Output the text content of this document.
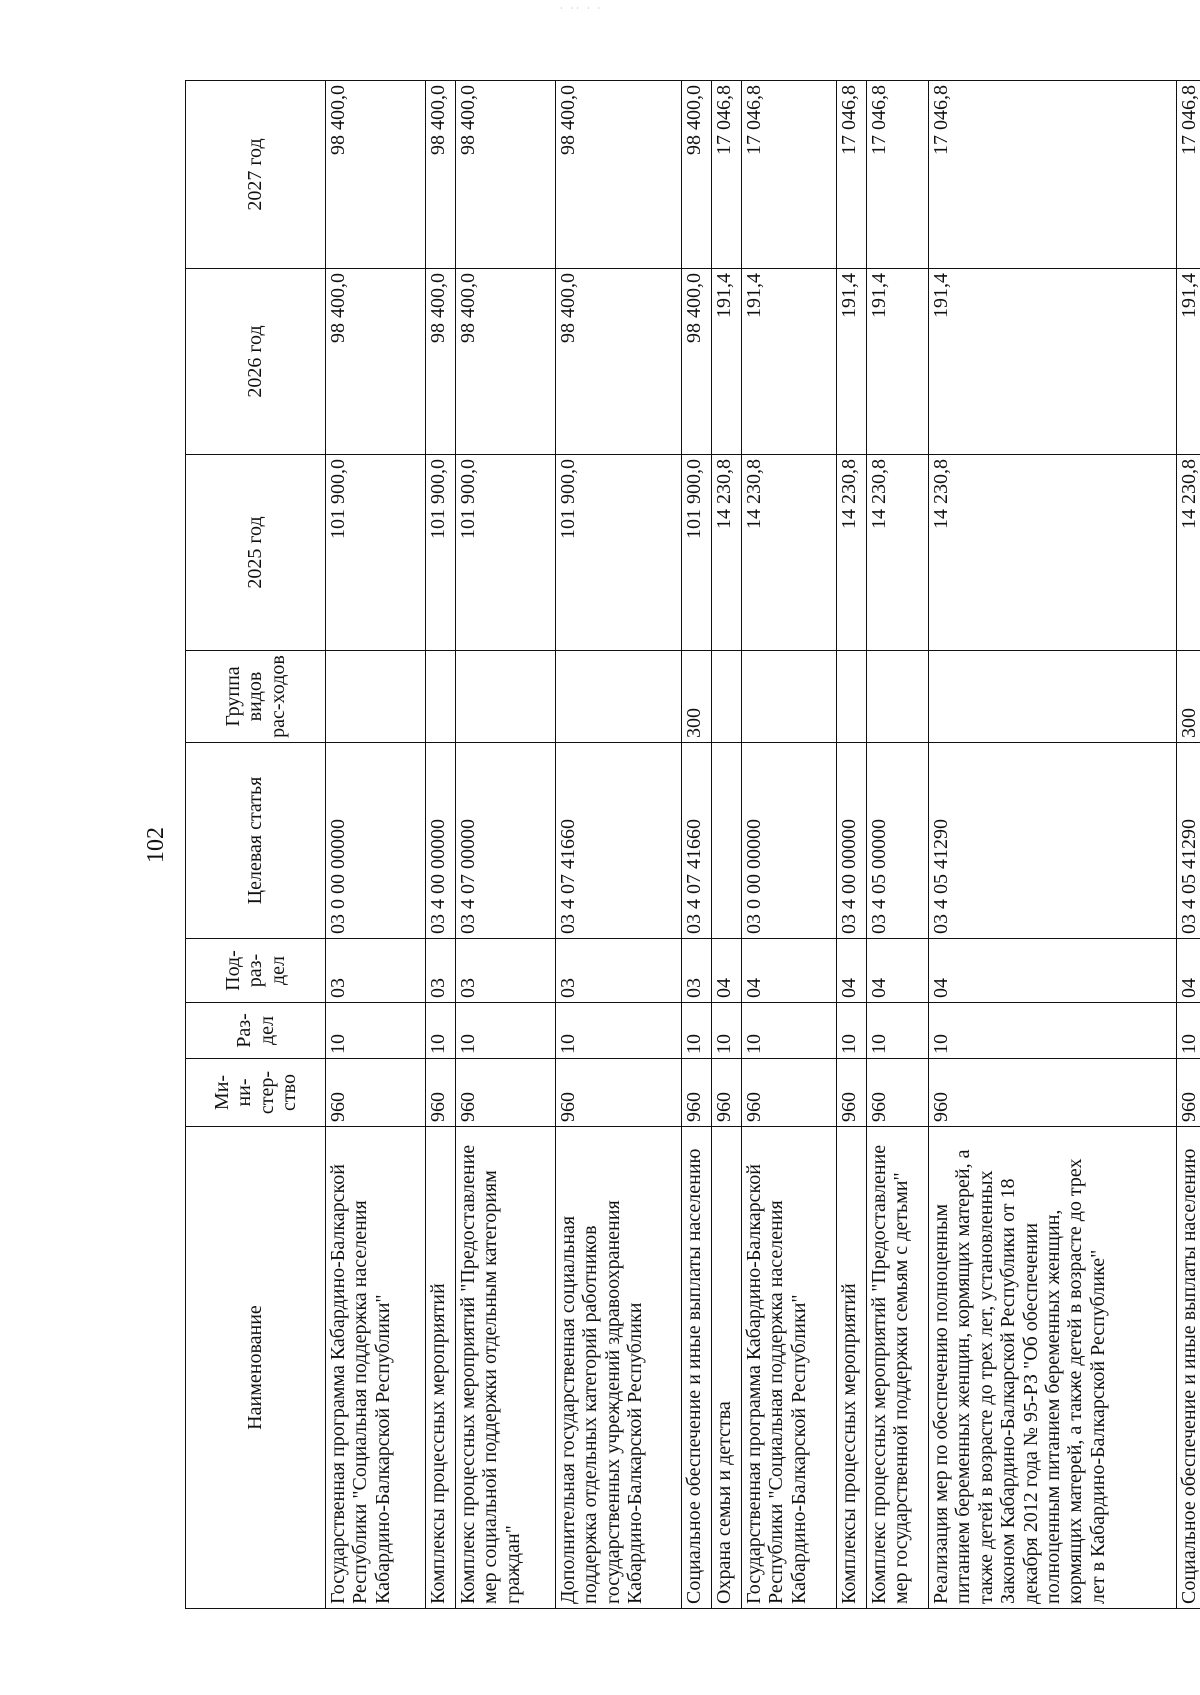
· ·· · ·
102
Наименование	Ми-ни-стер-ство	Раз-дел	Под-раз-дел	Целевая статья	Группа видов рас-ходов	2025 год	2026 год	2027 год
Государственная программа Кабардино-Балкарской Республики "Социальная поддержка населения Кабардино-Балкарской Республики"	960	10	03	03 0 00 00000		101 900,0	98 400,0	98 400,0
Комплексы процессных мероприятий	960	10	03	03 4 00 00000		101 900,0	98 400,0	98 400,0
Комплекс процессных мероприятий "Предоставление мер социальной поддержки отдельным категориям граждан"	960	10	03	03 4 07 00000		101 900,0	98 400,0	98 400,0
Дополнительная государственная социальная поддержка отдельных категорий работников государственных учреждений здравоохранения Кабардино-Балкарской Республики	960	10	03	03 4 07 41660		101 900,0	98 400,0	98 400,0
Социальное обеспечение и иные выплаты населению	960	10	03	03 4 07 41660	300	101 900,0	98 400,0	98 400,0
Охрана семьи и детства	960	10	04			14 230,8	191,4	17 046,8
Государственная программа Кабардино-Балкарской Республики "Социальная поддержка населения Кабардино-Балкарской Республики"	960	10	04	03 0 00 00000		14 230,8	191,4	17 046,8
Комплексы процессных мероприятий	960	10	04	03 4 00 00000		14 230,8	191,4	17 046,8
Комплекс процессных мероприятий "Предоставление мер государственной поддержки семьям с детьми"	960	10	04	03 4 05 00000		14 230,8	191,4	17 046,8
Реализация мер по обеспечению полноценным питанием беременных женщин, кормящих матерей, а также детей в возрасте до трех лет, установленных Законом Кабардино-Балкарской Республики от 18 декабря 2012 года № 95-РЗ "Об обеспечении полноценным питанием беременных женщин, кормящих матерей, а также детей в возрасте до трех лет в Кабардино-Балкарской Республике"	960	10	04	03 4 05 41290		14 230,8	191,4	17 046,8
Социальное обеспечение и иные выплаты населению	960	10	04	03 4 05 41290	300	14 230,8	191,4	17 046,8
